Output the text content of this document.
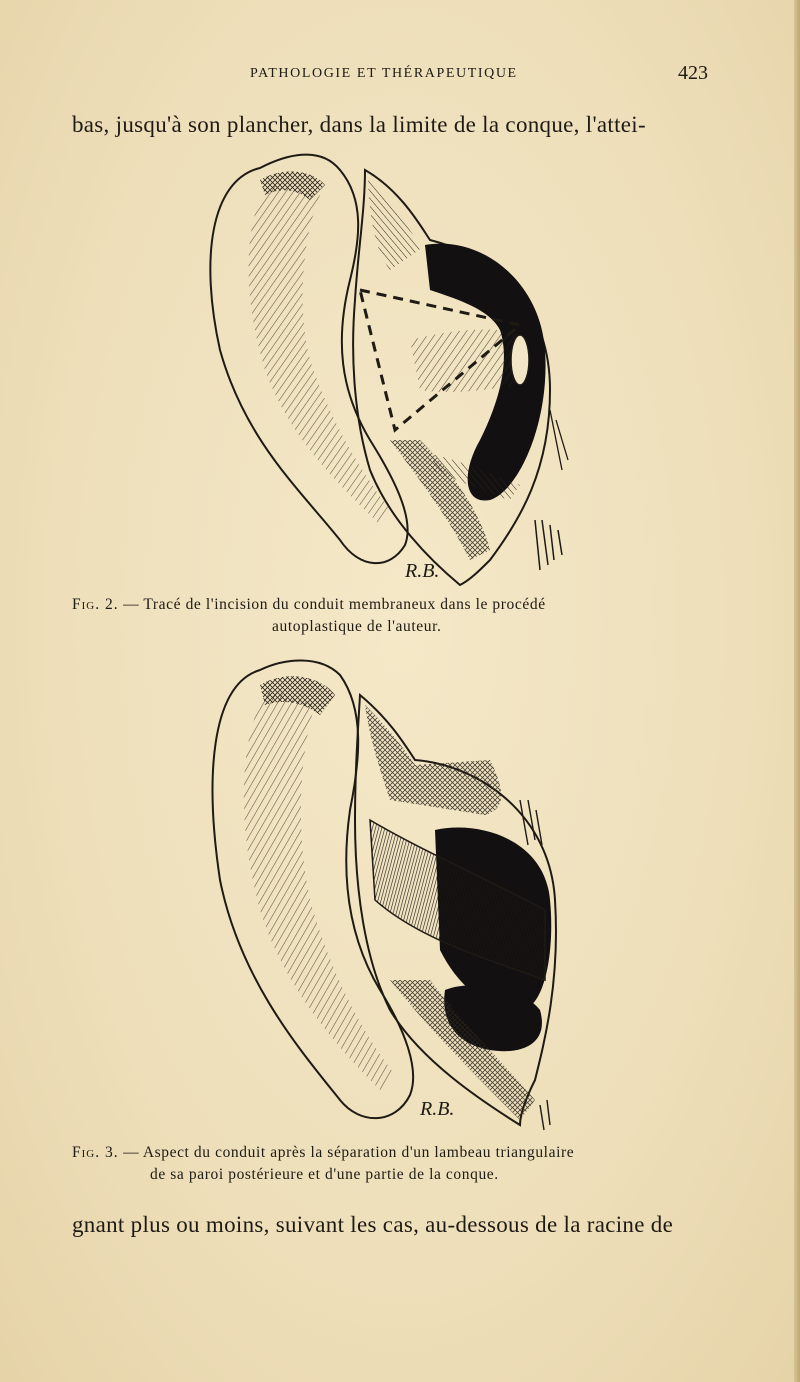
PATHOLOGIE ET THÉRAPEUTIQUE	423
bas, jusqu'à son plancher, dans la limite de la conque, l'attei-
R.B.
Fig. 2. — Tracé de l'incision du conduit membraneux dans le procédé
autoplastique de l'auteur.
R.B.
Fig. 3. — Aspect du conduit après la séparation d'un lambeau triangulaire
de sa paroi postérieure et d'une partie de la conque.
gnant plus ou moins, suivant les cas, au-dessous de la racine de
